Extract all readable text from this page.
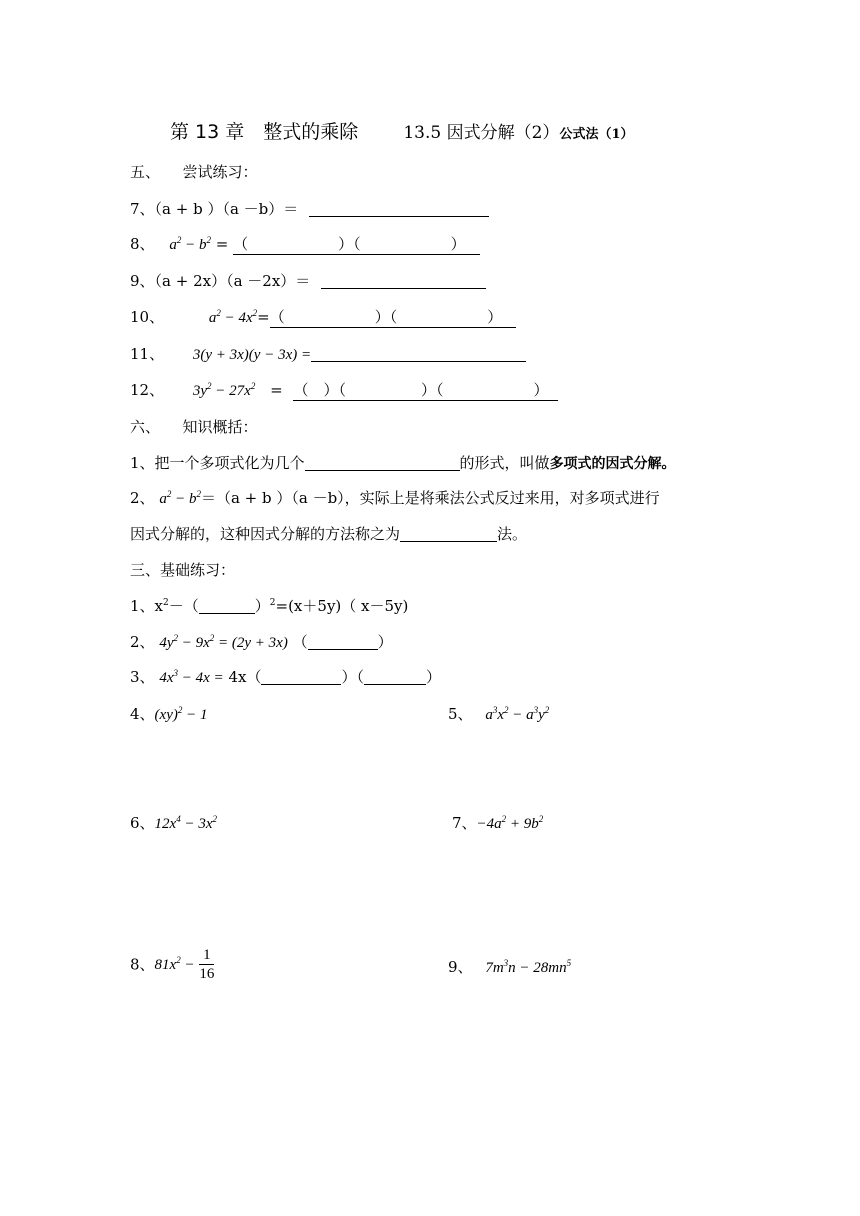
第 13 章　整式的乘除	13.5 因式分解（2）公式法（1）
五、　　尝试练习：
7、（a + b ）（a －b）＝
8、 $a^2 - b^2$ = （　　　　　　）（　　　　　　）
9、（a + 2x）（a －2x）＝
10、	$a^2 - 4x^2=$（　　　　　　）（　　　　　　）
11、 3(y + 3x)(y − 3x) =
12、 $3y^2 - 27x^2$ = （　）（　　　　　）（　　　　　　）
六、　　知识概括：
1、把一个多项式化为几个	的形式，叫做多项式的因式分解。
2、 $a^2 - b^2=(a + b$ ）（a －b），实际上是将乘法公式反过来用，对多项式进行
因式分解的，这种因式分解的方法称之为	法。
三、基础练习：
1、$x^2-$（	）$^2$=(x＋5y)（ x－5y)
2、 $4y^2 - 9x^2 = (2y + 3x)$ （	）
3、 $4x^3 - 4x = 4x$（	）（	）
4、(xy)$^2$ − 1	5、 $a^3x^2 - a^3y^2$
6、$12x^4 - 3x^2$	7、$-4a^2 + 9b^2$
8、$81x^2 - \frac{1}{16}$	9、 $7m^3n - 28mn^5$
